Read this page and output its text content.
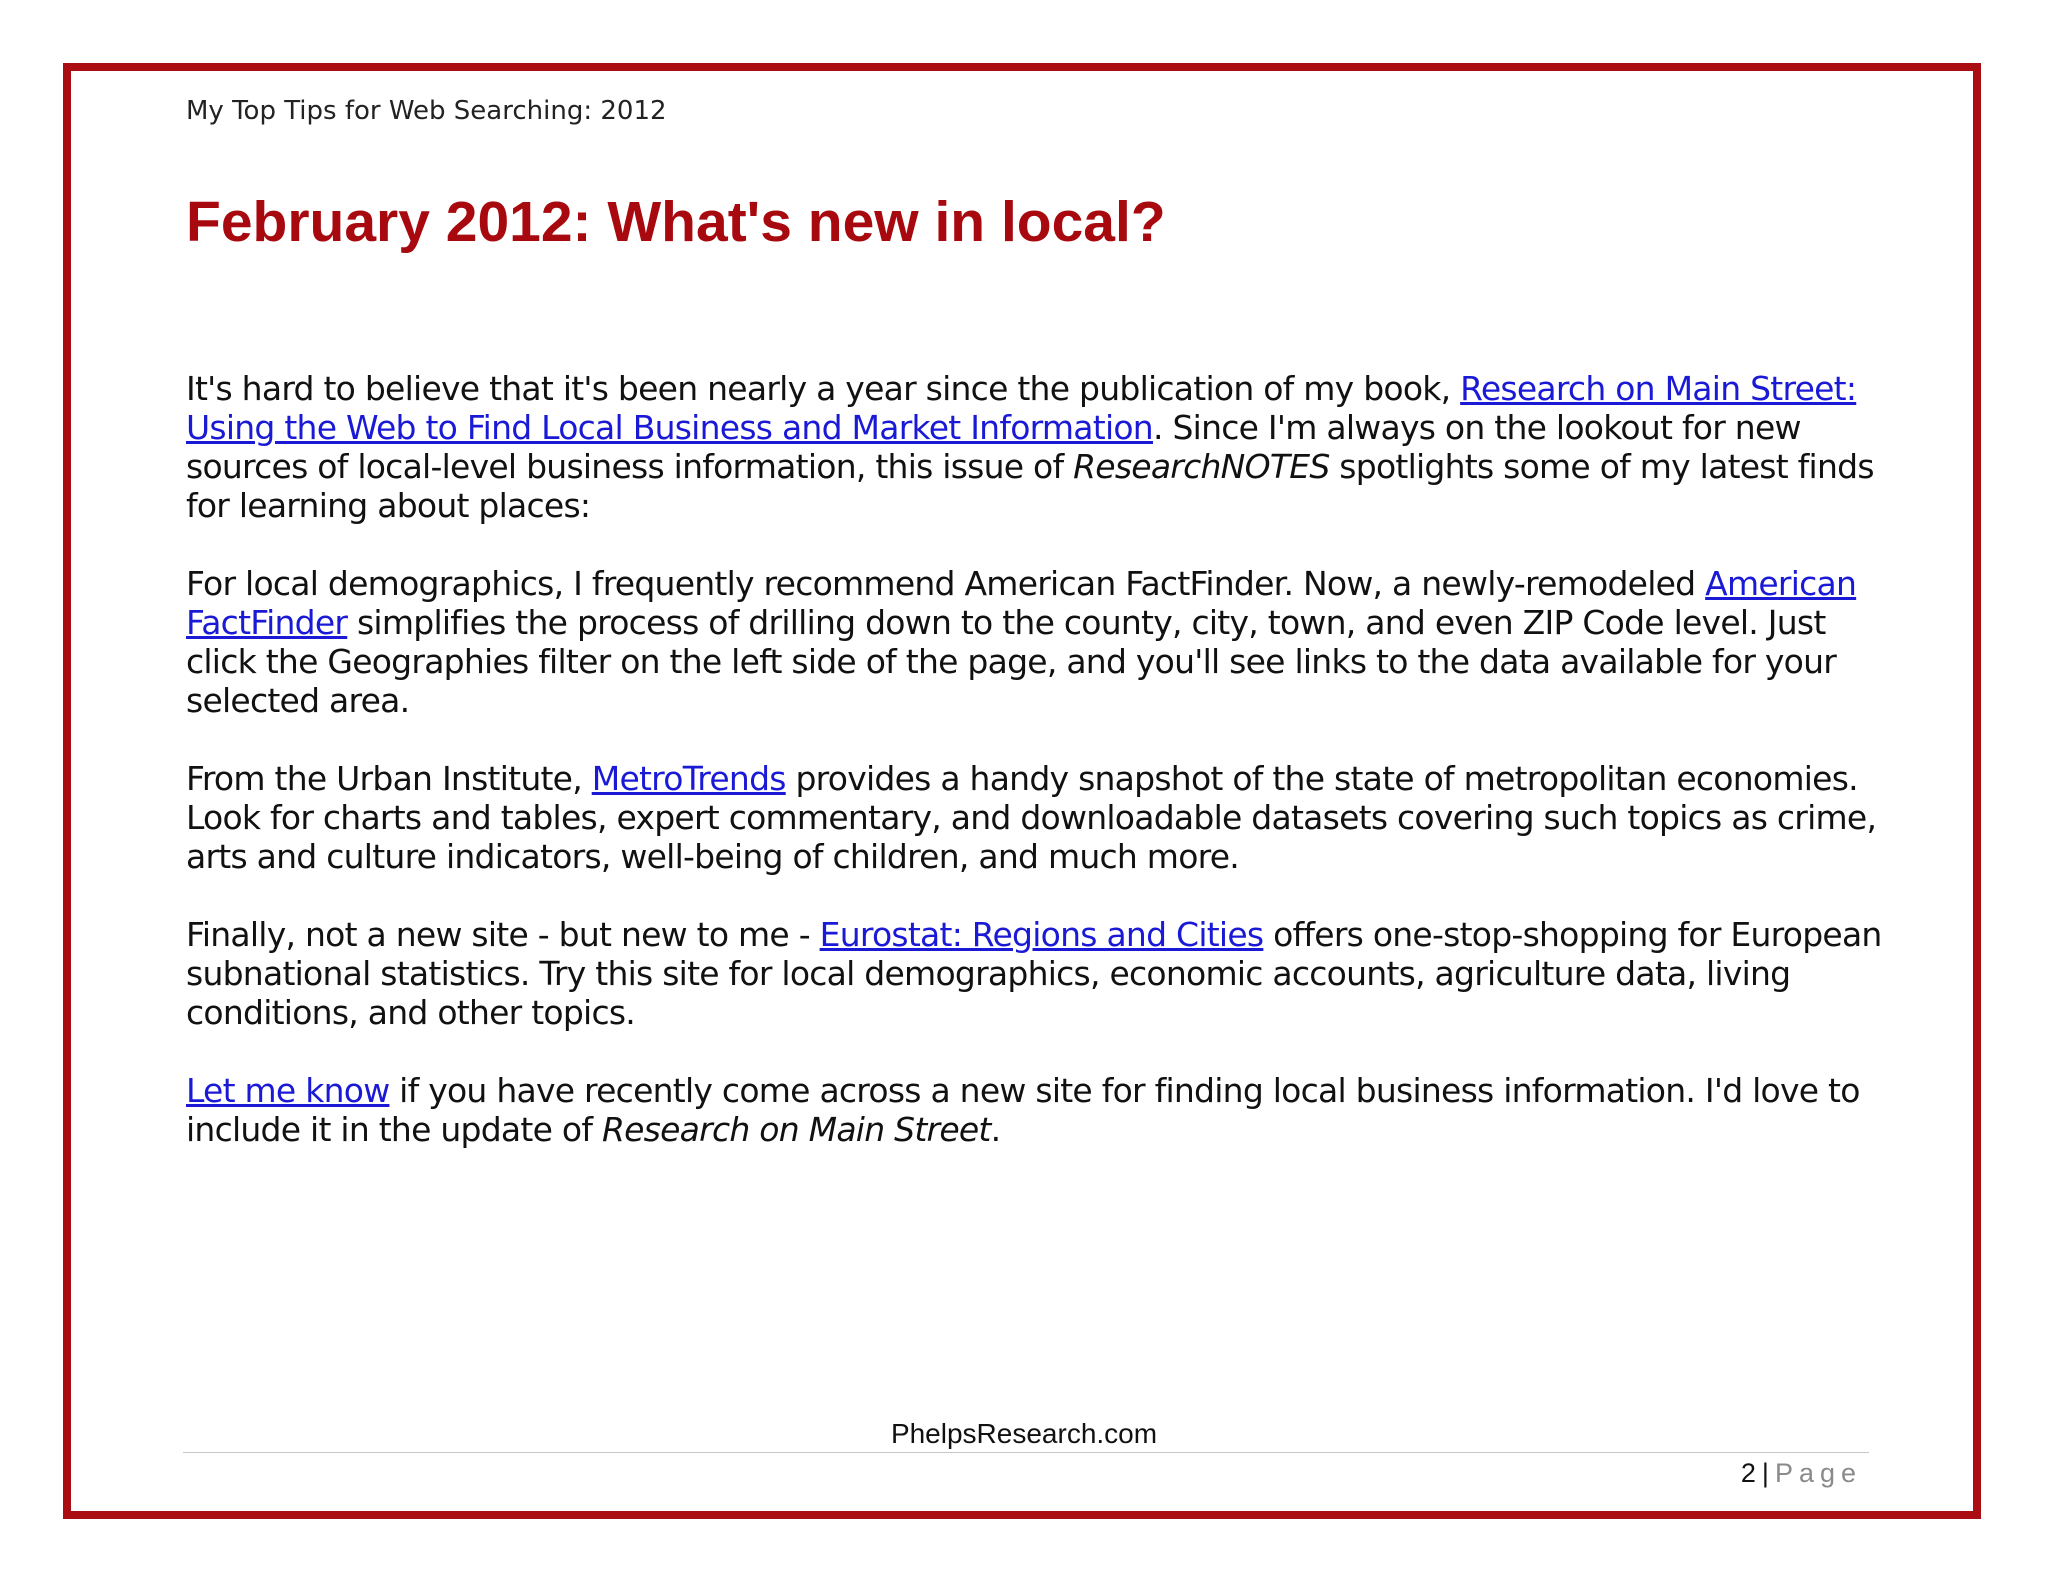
My Top Tips for Web Searching: 2012
February 2012: What's new in local?

It's hard to believe that it's been nearly a year since the publication of my book, Research on Main Street: Using the Web to Find Local Business and Market Information. Since I'm always on the lookout for new sources of local-level business information, this issue of ResearchNOTES spotlights some of my latest finds for learning about places:

For local demographics, I frequently recommend American FactFinder. Now, a newly-remodeled American FactFinder simplifies the process of drilling down to the county, city, town, and even ZIP Code level. Just click the Geographies filter on the left side of the page, and you'll see links to the data available for your selected area.

From the Urban Institute, MetroTrends provides a handy snapshot of the state of metropolitan economies. Look for charts and tables, expert commentary, and downloadable datasets covering such topics as crime, arts and culture indicators, well-being of children, and much more.

Finally, not a new site - but new to me - Eurostat: Regions and Cities offers one-stop-shopping for European subnational statistics. Try this site for local demographics, economic accounts, agriculture data, living conditions, and other topics.

Let me know if you have recently come across a new site for finding local business information. I'd love to include it in the update of Research on Main Street.

PhelpsResearch.com
2 | Page
